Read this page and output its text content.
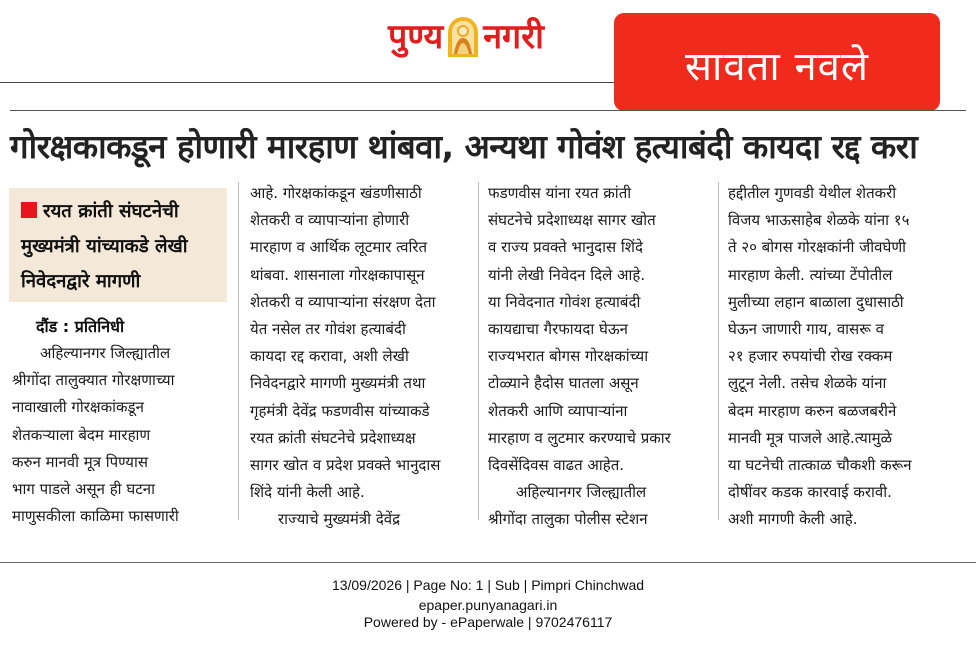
पुण्य नगरी
सावता नवले
गोरक्षकाकडून होणारी मारहाण थांबवा, अन्यथा गोवंश हत्याबंदी कायदा रद्द करा
रयत क्रांती संघटनेची मुख्यमंत्री यांच्याकडे लेखी निवेदनद्वारे मागणी
दौंड : प्रतिनिधी
अहिल्यानगर जिल्ह्यातील
श्रीगोंदा तालुक्यात गोरक्षणाच्या
नावाखाली गोरक्षकांकडून
शेतकऱ्याला बेदम मारहाण
करुन मानवी मूत्र पिण्यास
भाग पाडले असून ही घटना
माणुसकीला काळिमा फासणारी
आहे. गोरक्षकांकडून खंडणीसाठी
शेतकरी व व्यापाऱ्यांना होणारी
मारहाण व आर्थिक लूटमार त्वरित
थांबवा. शासनाला गोरक्षकापासून
शेतकरी व व्यापाऱ्यांना संरक्षण देता
येत नसेल तर गोवंश हत्याबंदी
कायदा रद्द करावा, अशी लेखी
निवेदनद्वारे मागणी मुख्यमंत्री तथा
गृहमंत्री देवेंद्र फडणवीस यांच्याकडे
रयत क्रांती संघटनेचे प्रदेशाध्यक्ष
सागर खोत व प्रदेश प्रवक्ते भानुदास
शिंदे यांनी केली आहे.
राज्याचे मुख्यमंत्री देवेंद्र
फडणवीस यांना रयत क्रांती
संघटनेचे प्रदेशाध्यक्ष सागर खोत
व राज्य प्रवक्ते भानुदास शिंदे
यांनी लेखी निवेदन दिले आहे.
या निवेदनात गोवंश हत्याबंदी
कायद्याचा गैरफायदा घेऊन
राज्यभरात बोगस गोरक्षकांच्या
टोळ्याने हैदोस घातला असून
शेतकरी आणि व्यापाऱ्यांना
मारहाण व लुटमार करण्याचे प्रकार
दिवसेंदिवस वाढत आहेत.
अहिल्यानगर जिल्ह्यातील
श्रीगोंदा तालुका पोलीस स्टेशन
हद्दीतील गुणवडी येथील शेतकरी
विजय भाऊसाहेब शेळके यांना १५
ते २० बोगस गोरक्षकांनी जीवघेणी
मारहाण केली. त्यांच्या टेंपोतील
मुलीच्या लहान बाळाला दुधासाठी
घेऊन जाणारी गाय, वासरू व
२१ हजार रुपयांची रोख रक्कम
लुटून नेली. तसेच शेळके यांना
बेदम मारहाण करुन बळजबरीने
मानवी मूत्र पाजले आहे.त्यामुळे
या घटनेची तात्काळ चौकशी करून
दोषींवर कडक कारवाई करावी.
अशी मागणी केली आहे.
13/09/2026 | Page No: 1 | Sub | Pimpri Chinchwad
epaper.punyanagari.in
Powered by - ePaperwale | 9702476117
